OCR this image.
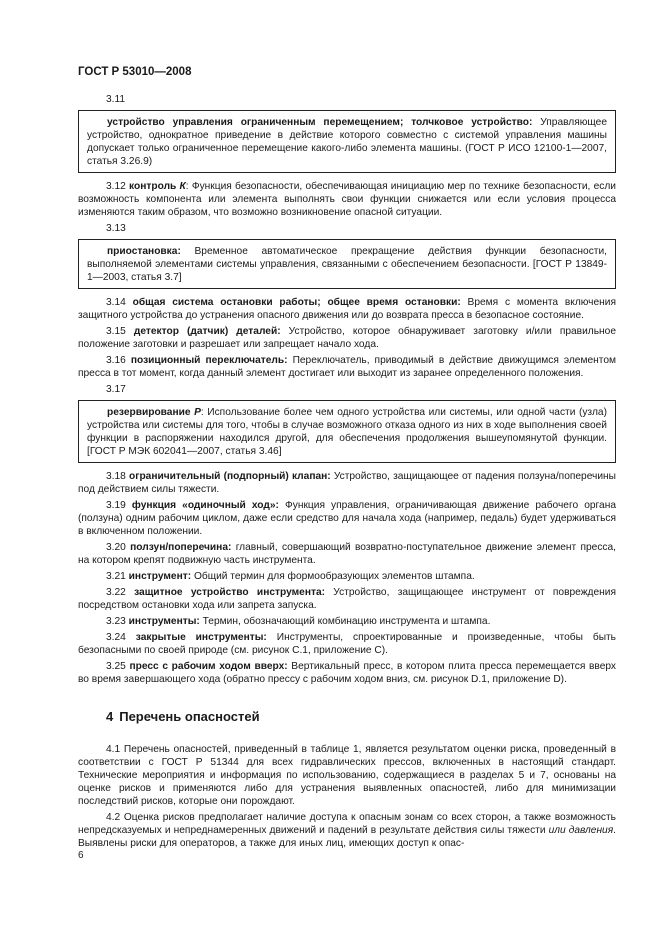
ГОСТ Р 53010—2008

3.11

устройство управления ограниченным перемещением; толчковое устройство: Управляющее устройство, однократное приведение в действие которого совместно с системой управления машины допускает только ограниченное перемещение какого-либо элемента машины. (ГОСТ Р ИСО 12100-1—2007, статья 3.26.9)

3.12 контроль К: Функция безопасности, обеспечивающая инициацию мер по технике безопасности, если возможность компонента или элемента выполнять свои функции снижается или если условия процесса изменяются таким образом, что возможно возникновение опасной ситуации.

3.13

приостановка: Временное автоматическое прекращение действия функции безопасности, выполняемой элементами системы управления, связанными с обеспечением безопасности. [ГОСТ Р 13849-1—2003, статья 3.7]

3.14 общая система остановки работы; общее время остановки: Время с момента включения защитного устройства до устранения опасного движения или до возврата пресса в безопасное состояние.

3.15 детектор (датчик) деталей: Устройство, которое обнаруживает заготовку и/или правильное положение заготовки и разрешает или запрещает начало хода.

3.16 позиционный переключатель: Переключатель, приводимый в действие движущимся элементом пресса в тот момент, когда данный элемент достигает или выходит из заранее определенного положения.

3.17

резервирование Р: Использование более чем одного устройства или системы, или одной части (узла) устройства или системы для того, чтобы в случае возможного отказа одного из них в ходе выполнения своей функции в распоряжении находился другой, для обеспечения продолжения вышеупомянутой функции. [ГОСТ Р МЭК 602041—2007, статья 3.46]

3.18 ограничительный (подпорный) клапан: Устройство, защищающее от падения ползуна/поперечины под действием силы тяжести.

3.19 функция «одиночный ход»: Функция управления, ограничивающая движение рабочего органа (ползуна) одним рабочим циклом, даже если средство для начала хода (например, педаль) будет удерживаться в включенном положении.

3.20 ползун/поперечина: главный, совершающий возвратно-поступательное движение элемент пресса, на котором крепят подвижную часть инструмента.

3.21 инструмент: Общий термин для формообразующих элементов штампа.

3.22 защитное устройство инструмента: Устройство, защищающее инструмент от повреждения посредством остановки хода или запрета запуска.

3.23 инструменты: Термин, обозначающий комбинацию инструмента и штампа.

3.24 закрытые инструменты: Инструменты, спроектированные и произведенные, чтобы быть безопасными по своей природе (см. рисунок С.1, приложение С).

3.25 пресс с рабочим ходом вверх: Вертикальный пресс, в котором плита пресса перемещается вверх во время завершающего хода (обратно прессу с рабочим ходом вниз, см. рисунок D.1, приложение D).

4 Перечень опасностей

4.1 Перечень опасностей, приведенный в таблице 1, является результатом оценки риска, проведенный в соответствии с ГОСТ Р 51344 для всех гидравлических прессов, включенных в настоящий стандарт. Технические мероприятия и информация по использованию, содержащиеся в разделах 5 и 7, основаны на оценке рисков и применяются либо для устранения выявленных опасностей, либо для минимизации последствий рисков, которые они порождают.

4.2 Оценка рисков предполагает наличие доступа к опасным зонам со всех сторон, а также возможность непредсказуемых и непреднамеренных движений и падений в результате действия силы тяжести или давления. Выявлены риски для операторов, а также для иных лиц, имеющих доступ к опас-

6
